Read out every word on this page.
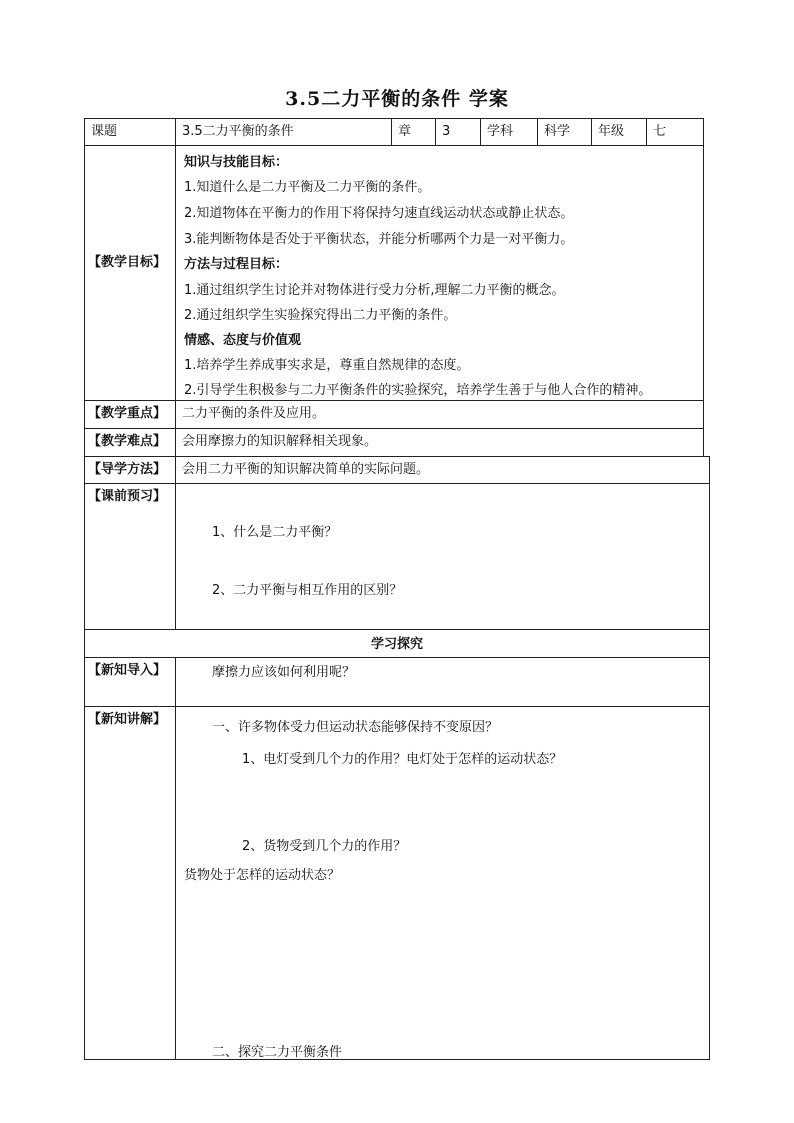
3.5二力平衡的条件 学案
课题	3.5二力平衡的条件	章	3	学科	科学	年级	七
【教学目标】
知识与技能目标：
1.知道什么是二力平衡及二力平衡的条件。
2.知道物体在平衡力的作用下将保持匀速直线运动状态或静止状态。
3.能判断物体是否处于平衡状态，并能分析哪两个力是一对平衡力。
方法与过程目标：
1.通过组织学生讨论并对物体进行受力分析,理解二力平衡的概念。
2.通过组织学生实验探究得出二力平衡的条件。
情感、态度与价值观
1.培养学生养成事实求是，尊重自然规律的态度。
2.引导学生积极参与二力平衡条件的实验探究，培养学生善于与他人合作的精神。
【教学重点】	二力平衡的条件及应用。
【教学难点】	会用摩擦力的知识解释相关现象。
【导学方法】	会用二力平衡的知识解决简单的实际问题。
【课前预习】
1、什么是二力平衡？
2、二力平衡与相互作用的区别？
学习探究
【新知导入】	摩擦力应该如何利用呢？
【新知讲解】
一、许多物体受力但运动状态能够保持不变原因？
1、电灯受到几个力的作用？电灯处于怎样的运动状态？
2、货物受到几个力的作用？
货物处于怎样的运动状态？
二、探究二力平衡条件
